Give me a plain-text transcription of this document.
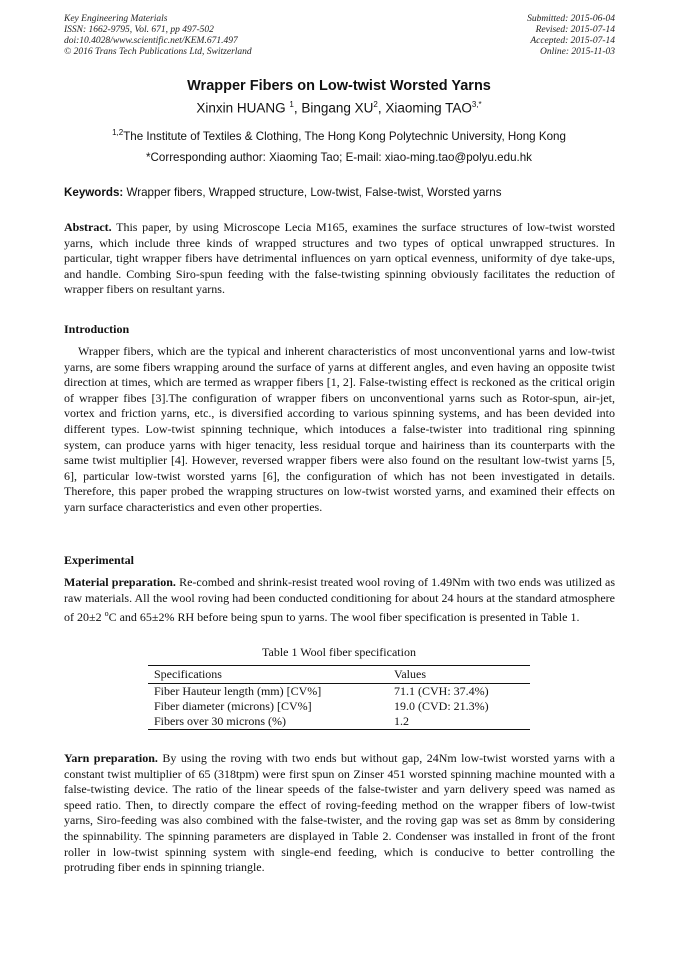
Key Engineering Materials
ISSN: 1662-9795, Vol. 671, pp 497-502
doi:10.4028/www.scientific.net/KEM.671.497
© 2016 Trans Tech Publications Ltd, Switzerland
Submitted: 2015-06-04
Revised: 2015-07-14
Accepted: 2015-07-14
Online: 2015-11-03
Wrapper Fibers on Low-twist Worsted Yarns
Xinxin HUANG $^1$, Bingang $XU^2$, Xiaoming $TAO^{3,*}$
$^{1,2}$The Institute of Textiles & Clothing, The Hong Kong Polytechnic University, Hong Kong
*Corresponding author: Xiaoming Tao; E-mail: xiao-ming.tao@polyu.edu.hk
Keywords: Wrapper fibers, Wrapped structure, Low-twist, False-twist, Worsted yarns
Abstract. This paper, by using Microscope Lecia M165, examines the surface structures of low-twist worsted yarns, which include three kinds of wrapped structures and two types of optical unwrapped structures. In particular, tight wrapper fibers have detrimental influences on yarn optical evenness, uniformity of dye take-ups, and handle. Combing Siro-spun feeding with the false-twisting spinning obviously facilitates the reduction of wrapper fibers on resultant yarns.
Introduction
Wrapper fibers, which are the typical and inherent characteristics of most unconventional yarns and low-twist yarns, are some fibers wrapping around the surface of yarns at different angles, and even having an opposite twist direction at times, which are termed as wrapper fibers [1, 2]. False-twisting effect is reckoned as the critical origin of wrapper fibes [3].The configuration of wrapper fibers on unconventional yarns such as Rotor-spun, air-jet, vortex and friction yarns, etc., is diversified according to various spinning systems, and has been devided into different types. Low-twist spinning technique, which intoduces a false-twister into traditional ring spinning system, can produce yarns with higer tenacity, less residual torque and hairiness than its counterparts with the same twist multiplier [4]. However, reversed wrapper fibers were also found on the resultant low-twist yarns [5, 6], particular low-twist worsted yarns [6], the configuration of which has not been investigated in details. Therefore, this paper probed the wrapping structures on low-twist worsted yarns, and examined their effects on yarn surface characteristics and even other properties.
Experimental
Material preparation. Re-combed and shrink-resist treated wool roving of 1.49Nm with two ends was utilized as raw materials. All the wool roving had been conducted conditioning for about 24 hours at the standard atmosphere of 20±2 $^o$C and 65±2% RH before being spun to yarns. The wool fiber specification is presented in Table 1.
Table 1 Wool fiber specification
Specifications	Values
Fiber Hauteur length (mm) [CV%]	71.1 (CVH: 37.4%)
Fiber diameter (microns) [CV%]	19.0 (CVD: 21.3%)
Fibers over 30 microns (%)	1.2
Yarn preparation. By using the roving with two ends but without gap, 24Nm low-twist worsted yarns with a constant twist multiplier of 65 (318tpm) were first spun on Zinser 451 worsted spinning machine mounted with a false-twisting device. The ratio of the linear speeds of the false-twister and yarn delivery speed was named as speed ratio. Then, to directly compare the effect of roving-feeding method on the wrapper fibers of low-twist yarns, Siro-feeding was also combined with the false-twister, and the roving gap was set as 8mm by considering the spinnability. The spinning parameters are displayed in Table 2. Condenser was installed in front of the front roller in low-twist spinning system with single-end feeding, which is conducive to better controlling the protruding fiber ends in spinning triangle.
